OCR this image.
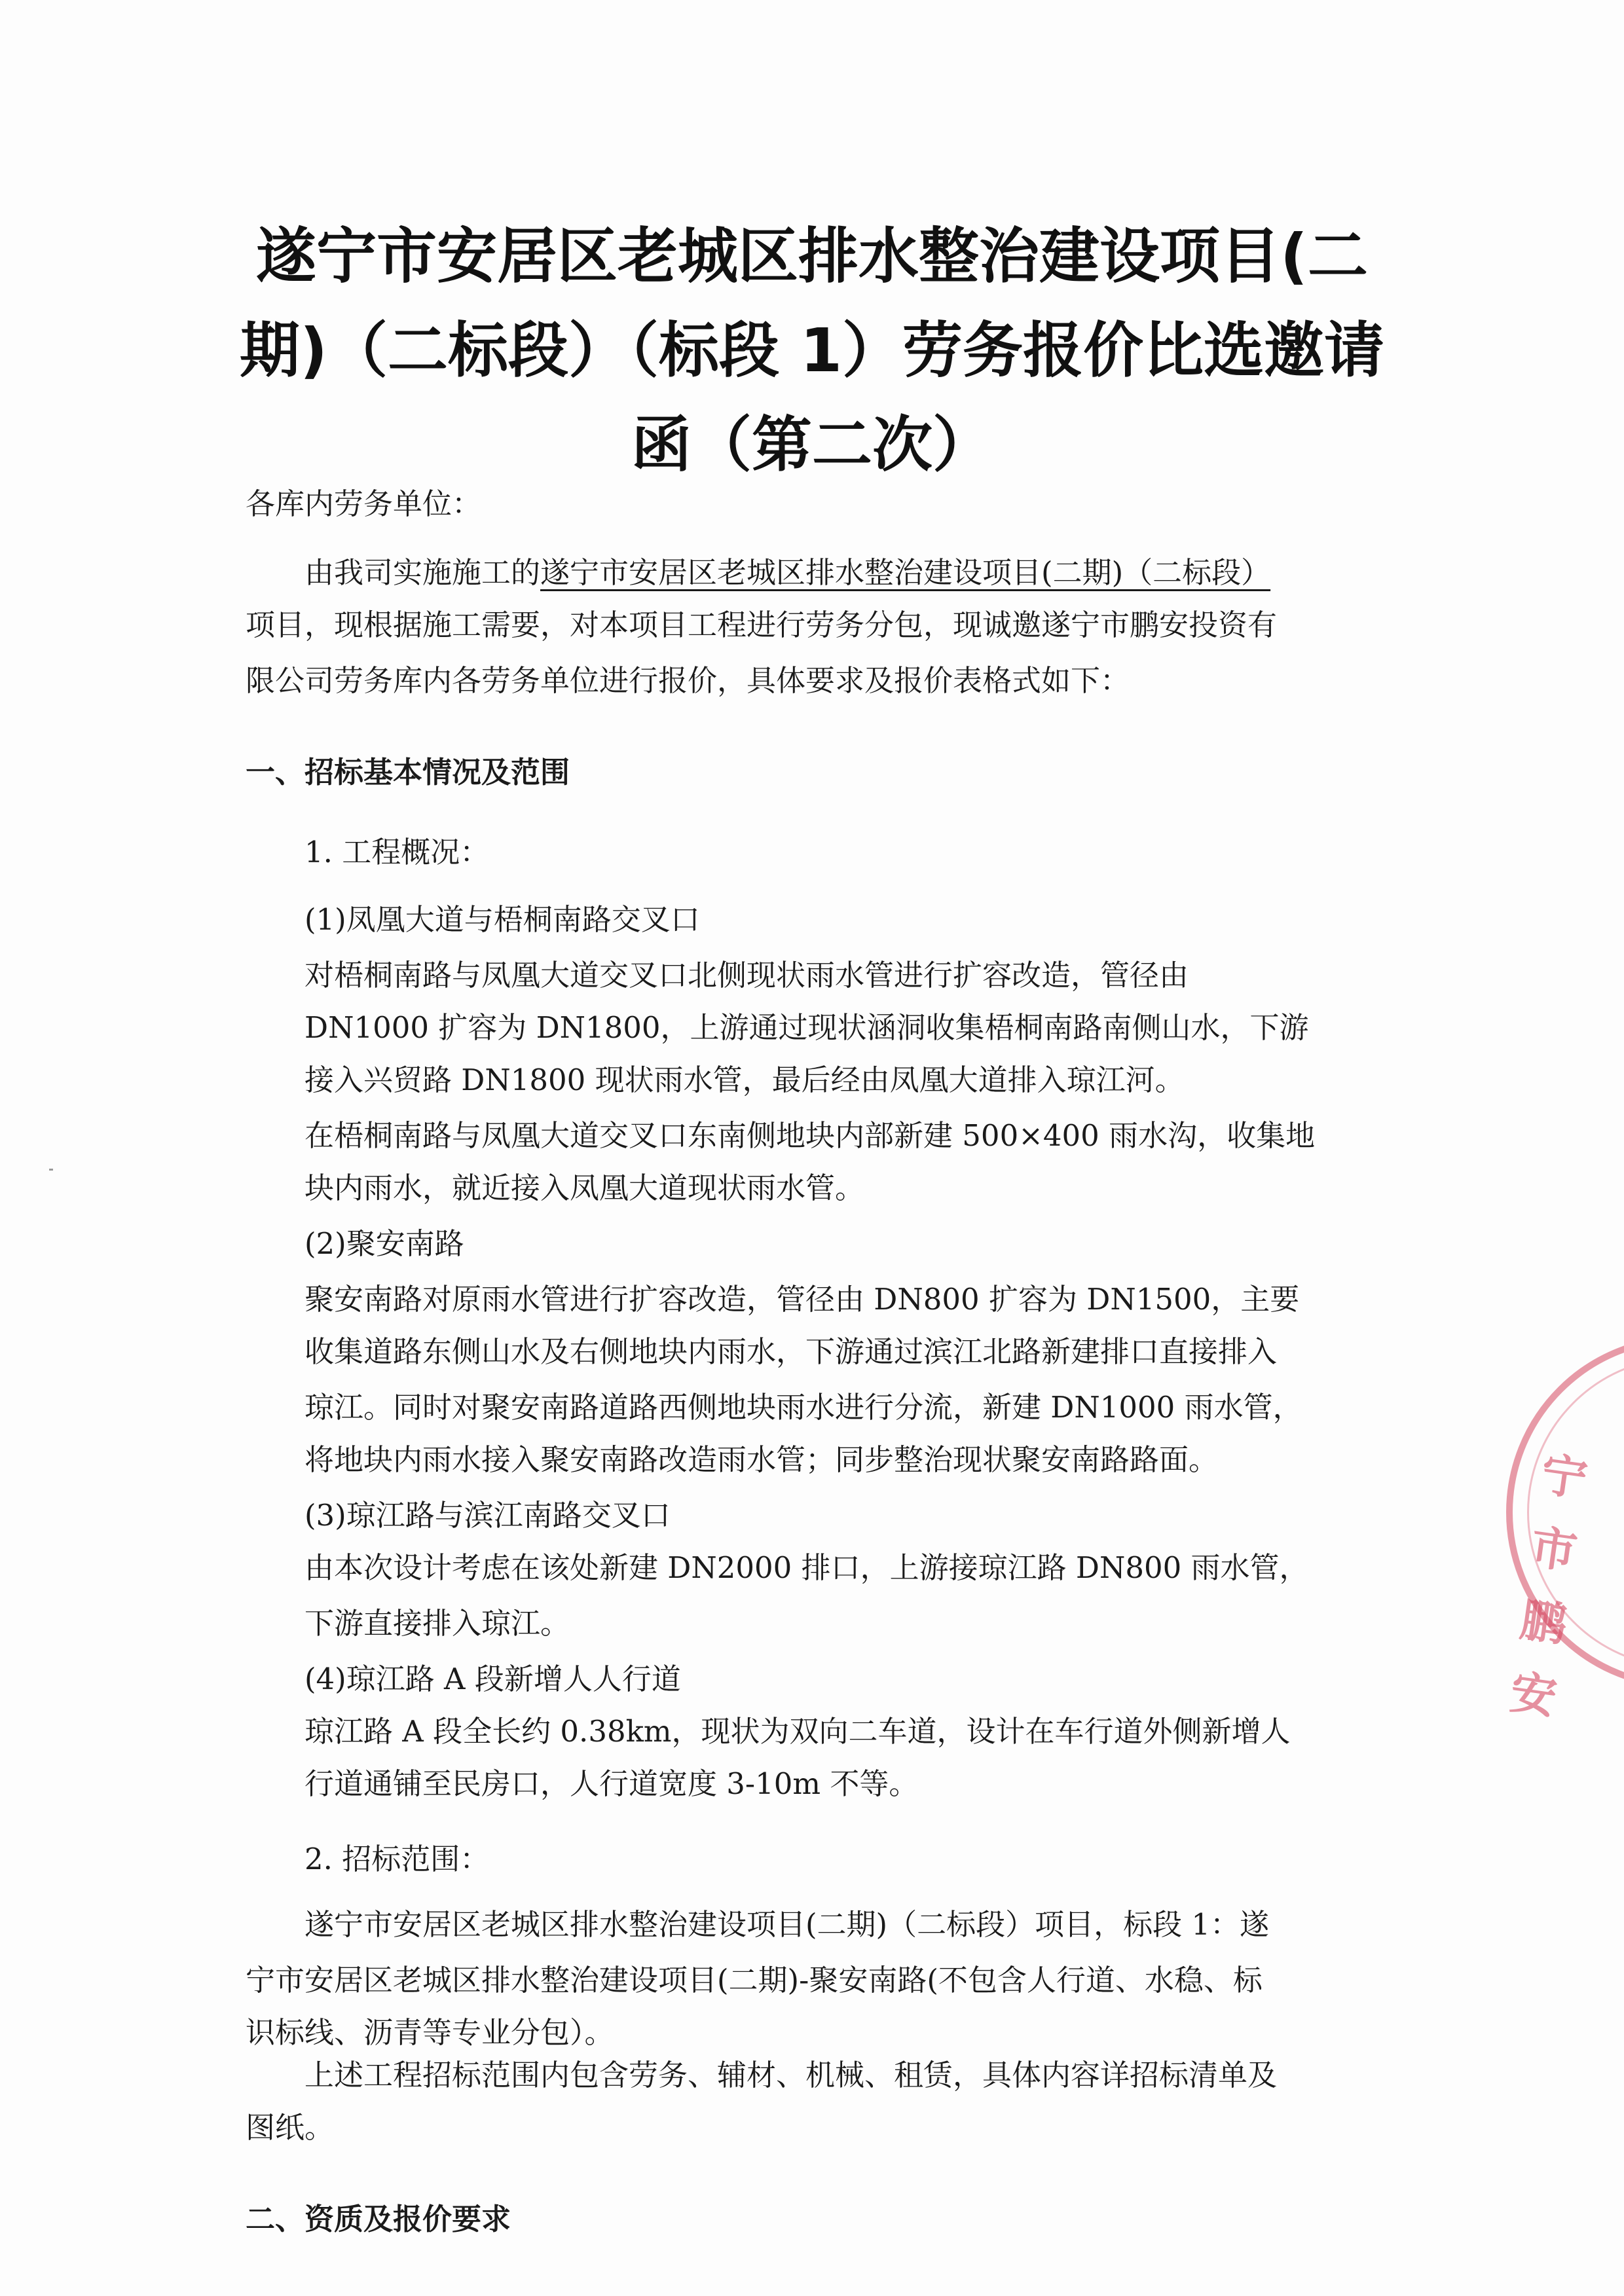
遂宁市安居区老城区排水整治建设项目(二
期)（二标段）（标段 1）劳务报价比选邀请
函（第二次）
各库内劳务单位：
由我司实施施工的遂宁市安居区老城区排水整治建设项目(二期)（二标段）
项目，现根据施工需要，对本项目工程进行劳务分包，现诚邀遂宁市鹏安投资有
限公司劳务库内各劳务单位进行报价，具体要求及报价表格式如下：
一、招标基本情况及范围
1. 工程概况：
(1)凤凰大道与梧桐南路交叉口
对梧桐南路与凤凰大道交叉口北侧现状雨水管进行扩容改造，管径由
DN1000 扩容为 DN1800，上游通过现状涵洞收集梧桐南路南侧山水，下游
接入兴贸路 DN1800 现状雨水管，最后经由凤凰大道排入琼江河。
在梧桐南路与凤凰大道交叉口东南侧地块内部新建 500×400 雨水沟，收集地
块内雨水，就近接入凤凰大道现状雨水管。
(2)聚安南路
聚安南路对原雨水管进行扩容改造，管径由 DN800 扩容为 DN1500，主要
收集道路东侧山水及右侧地块内雨水，下游通过滨江北路新建排口直接排入
琼江。同时对聚安南路道路西侧地块雨水进行分流，新建 DN1000 雨水管，
将地块内雨水接入聚安南路改造雨水管；同步整治现状聚安南路路面。
(3)琼江路与滨江南路交叉口
由本次设计考虑在该处新建 DN2000 排口，上游接琼江路 DN800 雨水管，
下游直接排入琼江。
(4)琼江路 A 段新增人人行道
琼江路 A 段全长约 0.38km，现状为双向二车道，设计在车行道外侧新增人
行道通铺至民房口，人行道宽度 3-10m 不等。
2. 招标范围：
遂宁市安居区老城区排水整治建设项目(二期)（二标段）项目，标段 1：遂
宁市安居区老城区排水整治建设项目(二期)-聚安南路(不包含人行道、水稳、标
识标线、沥青等专业分包）。
上述工程招标范围内包含劳务、辅材、机械、租赁，具体内容详招标清单及
图纸。
二、资质及报价要求
宁
市
鹏
安
